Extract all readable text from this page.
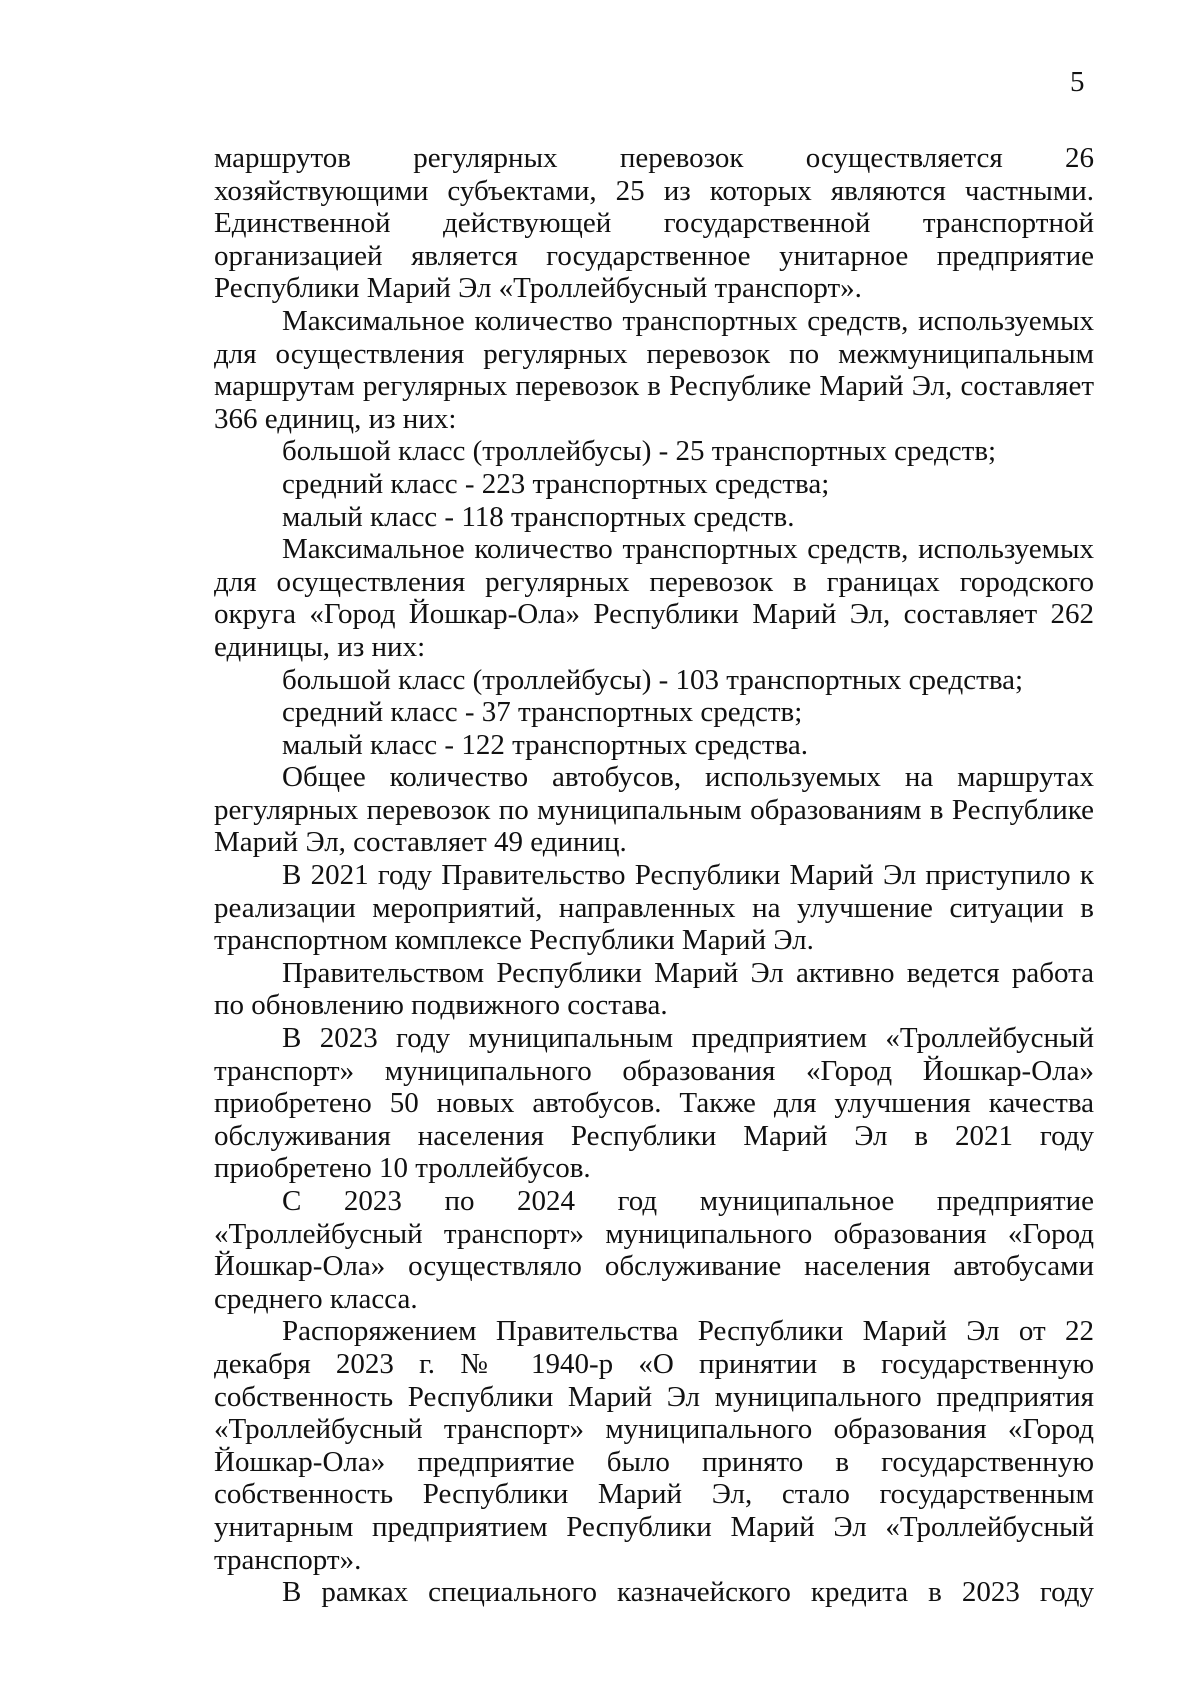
5

маршрутов регулярных перевозок осуществляется 26 хозяйствующими субъектами, 25 из которых являются частными. Единственной действующей государственной транспортной организацией является государственное унитарное предприятие Республики Марий Эл «Троллейбусный транспорт».

Максимальное количество транспортных средств, используемых для осуществления регулярных перевозок по межмуниципальным маршрутам регулярных перевозок в Республике Марий Эл, составляет 366 единиц, из них:

большой класс (троллейбусы) - 25 транспортных средств;

средний класс - 223 транспортных средства;

малый класс - 118 транспортных средств.

Максимальное количество транспортных средств, используемых для осуществления регулярных перевозок в границах городского округа «Город Йошкар-Ола» Республики Марий Эл, составляет 262 единицы, из них:

большой класс (троллейбусы) - 103 транспортных средства;

средний класс - 37 транспортных средств;

малый класс - 122 транспортных средства.

Общее количество автобусов, используемых на маршрутах регулярных перевозок по муниципальным образованиям в Республике Марий Эл, составляет 49 единиц.

В 2021 году Правительство Республики Марий Эл приступило к реализации мероприятий, направленных на улучшение ситуации в транспортном комплексе Республики Марий Эл.

Правительством Республики Марий Эл активно ведется работа по обновлению подвижного состава.

В 2023 году муниципальным предприятием «Троллейбусный транспорт» муниципального образования «Город Йошкар-Ола» приобретено 50 новых автобусов. Также для улучшения качества обслуживания населения Республики Марий Эл в 2021 году приобретено 10 троллейбусов.

С 2023 по 2024 год муниципальное предприятие «Троллейбусный транспорт» муниципального образования «Город Йошкар-Ола» осуществляло обслуживание населения автобусами среднего класса.

Распоряжением Правительства Республики Марий Эл от 22 декабря 2023 г. № 1940-р «О принятии в государственную собственность Республики Марий Эл муниципального предприятия «Троллейбусный транспорт» муниципального образования «Город Йошкар-Ола» предприятие было принято в государственную собственность Республики Марий Эл, стало государственным унитарным предприятием Республики Марий Эл «Троллейбусный транспорт».

В рамках специального казначейского кредита в 2023 году
